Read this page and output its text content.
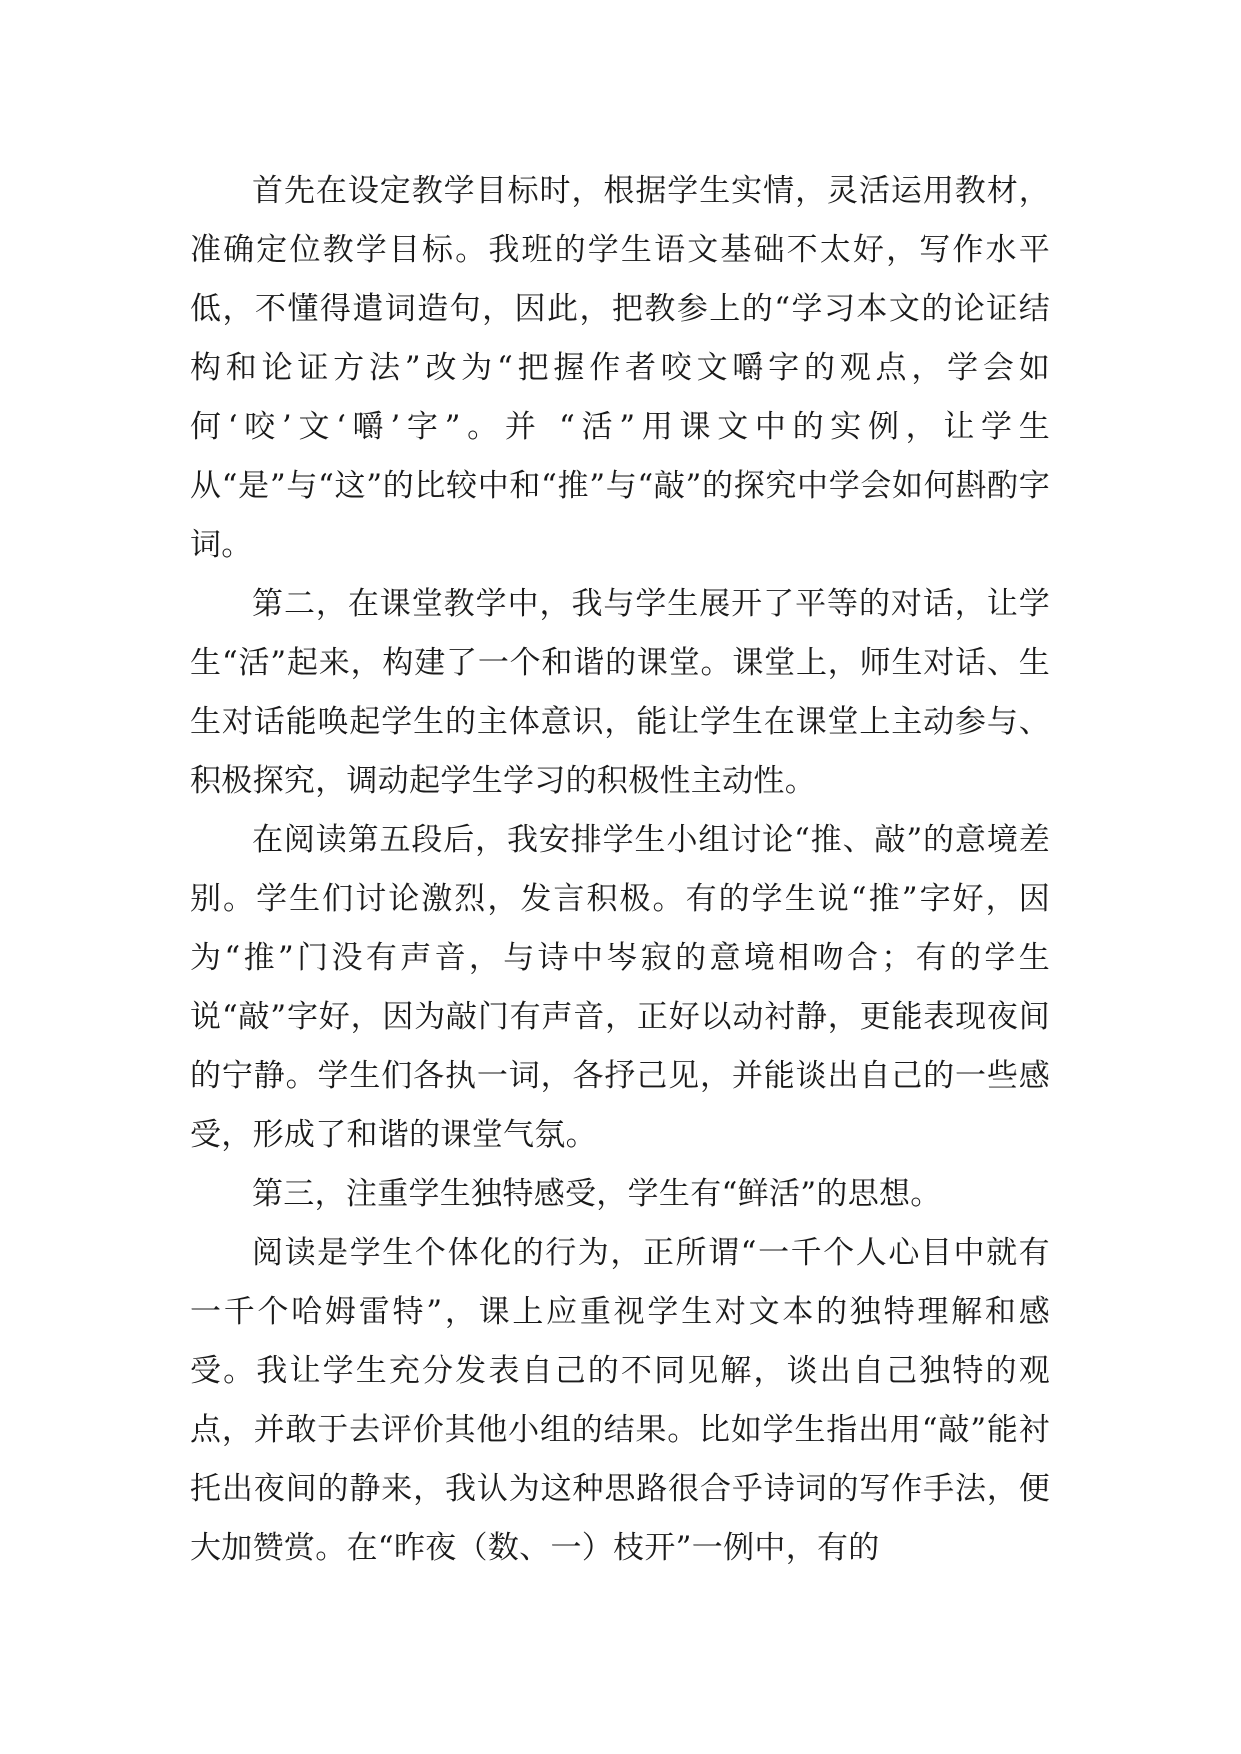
首先在设定教学目标时，根据学生实情，灵活运用教材，准确定位教学目标。我班的学生语文基础不太好，写作水平低，不懂得遣词造句，因此，把教参上的“学习本文的论证结构和论证方法”改为“把握作者咬文嚼字的观点，学会如何‘咬’文‘嚼’字”。并 “活”用课文中的实例，让学生从“是”与“这”的比较中和“推”与“敲”的探究中学会如何斟酌字词。

第二，在课堂教学中，我与学生展开了平等的对话，让学生“活”起来，构建了一个和谐的课堂。课堂上，师生对话、生生对话能唤起学生的主体意识，能让学生在课堂上主动参与、积极探究，调动起学生学习的积极性主动性。

在阅读第五段后，我安排学生小组讨论“推、敲”的意境差别。学生们讨论激烈，发言积极。有的学生说“推”字好，因为“推”门没有声音，与诗中岑寂的意境相吻合；有的学生说“敲”字好，因为敲门有声音，正好以动衬静，更能表现夜间的宁静。学生们各执一词，各抒己见，并能谈出自己的一些感受，形成了和谐的课堂气氛。

第三，注重学生独特感受，学生有“鲜活”的思想。

阅读是学生个体化的行为，正所谓“一千个人心目中就有一千个哈姆雷特”，课上应重视学生对文本的独特理解和感受。我让学生充分发表自己的不同见解，谈出自己独特的观点，并敢于去评价其他小组的结果。比如学生指出用“敲”能衬托出夜间的静来，我认为这种思路很合乎诗词的写作手法，便大加赞赏。在“昨夜（数、一）枝开”一例中，有的
